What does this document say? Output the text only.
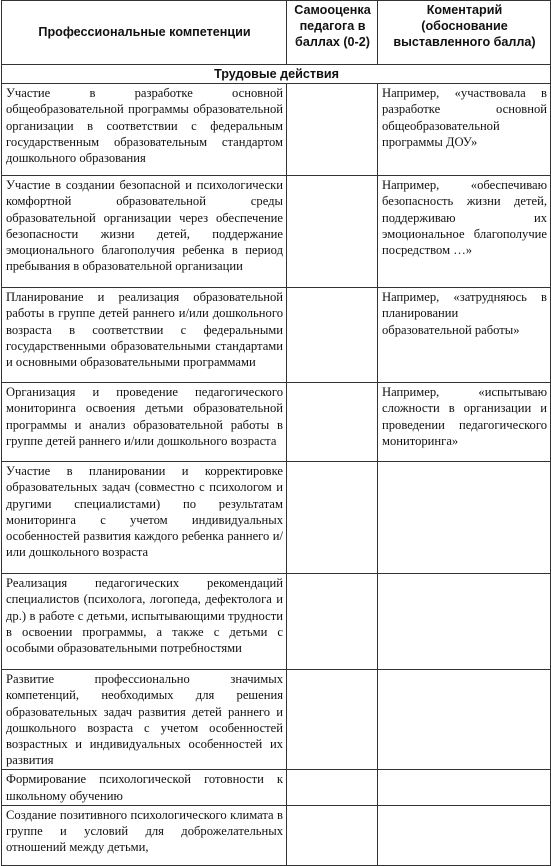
Профессиональные компетенции	Самооценка педагога в баллах (0-2)	Коментарий (обоснование выставленного балла)
Трудовые действия		
Участие в разработке основной общеобразовательной программы образовательной организации в соответствии с федеральным государственным образовательным стандартом дошкольного образования		Например, «участвовала в разработке основной общеобразовательной программы ДОУ»
Участие в создании безопасной и психологически комфортной образовательной среды образовательной организации через обеспечение безопасности жизни детей, поддержание эмоционального благополучия ребенка в период пребывания в образовательной организации		Например, «обеспечиваю безопасность жизни детей, поддерживаю их эмоциональное благополучие посредством …»
Планирование и реализация образовательной работы в группе детей раннего и/или дошкольного возраста в соответствии с федеральными государственными образовательными стандартами и основными образовательными программами		Например, «затрудняюсь в планировании образовательной работы»
Организация и проведение педагогического мониторинга освоения детьми образовательной программы и анализ образовательной работы в группе детей раннего и/или дошкольного возраста		Например, «испытываю сложности в организации и проведении педагогического мониторинга»
Участие в планировании и корректировке образовательных задач (совместно с психологом и другими специалистами) по результатам мониторинга с учетом индивидуальных особенностей развития каждого ребенка раннего и/или дошкольного возраста		
Реализация педагогических рекомендаций специалистов (психолога, логопеда, дефектолога и др.) в работе с детьми, испытывающими трудности в освоении программы, а также с детьми с особыми образовательными потребностями		
Развитие профессионально значимых компетенций, необходимых для решения образовательных задач развития детей раннего и дошкольного возраста с учетом особенностей возрастных и индивидуальных особенностей их развития		
Формирование психологической готовности к школьному обучению		
Создание позитивного психологического климата в группе и условий для доброжелательных отношений между детьми,		
